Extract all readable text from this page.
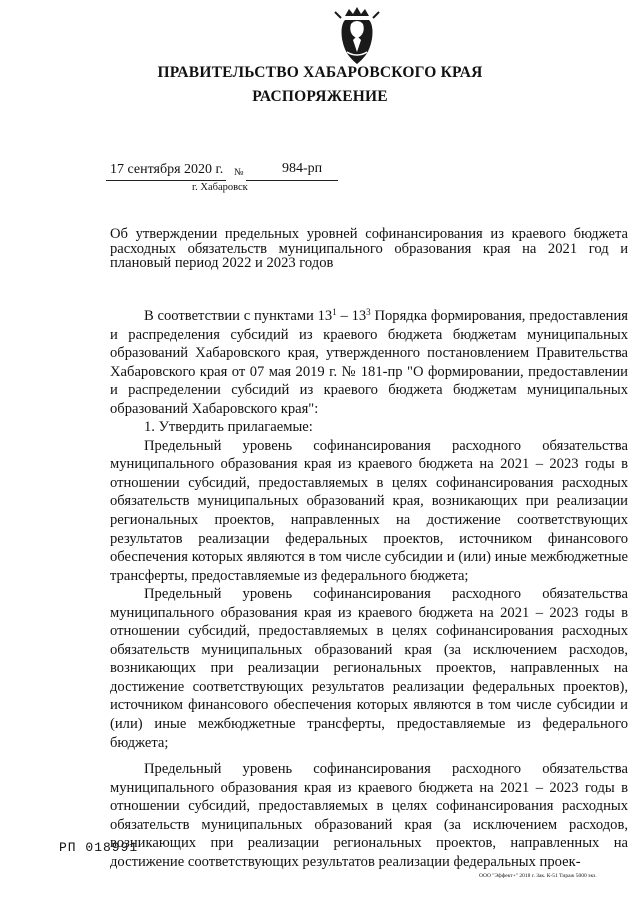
ПРАВИТЕЛЬСТВО ХАБАРОВСКОГО КРАЯ
РАСПОРЯЖЕНИЕ
17 сентября 2020 г. №	984-рп
г. Хабаровск
Об утверждении предельных уровней софинансирования из краевого бюджета расходных обязательств муниципального образования края на 2021 год и плановый период 2022 и 2023 годов

В соответствии с пунктами $13^1 - 13^3$ Порядка формирования, предоставления и распределения субсидий из краевого бюджета бюджетам муниципальных образований Хабаровского края, утвержденного постановлением Правительства Хабаровского края от 07 мая 2019 г. № 181-пр "О формировании, предоставлении и распределении субсидий из краевого бюджета бюджетам муниципальных образований Хабаровского края":

1. Утвердить прилагаемые:

Предельный уровень софинансирования расходного обязательства муниципального образования края из краевого бюджета на 2021 – 2023 годы в отношении субсидий, предоставляемых в целях софинансирования расходных обязательств муниципальных образований края, возникающих при реализации региональных проектов, направленных на достижение соответствующих результатов реализации федеральных проектов, источником финансового обеспечения которых являются в том числе субсидии и (или) иные межбюджетные трансферты, предоставляемые из федерального бюджета;

Предельный уровень софинансирования расходного обязательства муниципального образования края из краевого бюджета на 2021 – 2023 годы в отношении субсидий, предоставляемых в целях софинансирования расходных обязательств муниципальных образований края (за исключением расходов, возникающих при реализации региональных проектов, направленных на достижение соответствующих результатов реализации федеральных проектов), источником финансового обеспечения которых являются в том числе субсидии и (или) иные межбюджетные трансферты, предоставляемые из федерального бюджета;

Предельный уровень софинансирования расходного обязательства муниципального образования края из краевого бюджета на 2021 – 2023 годы в отношении субсидий, предоставляемых в целях софинансирования расходных обязательств муниципальных образований края (за исключением расходов, возникающих при реализации региональных проектов, направленных на достижение соответствующих результатов реализации федеральных проек-

РП 018991
ООО "Эффект+" 2018 г. Зак. К-51 Тираж 5000 экз.
